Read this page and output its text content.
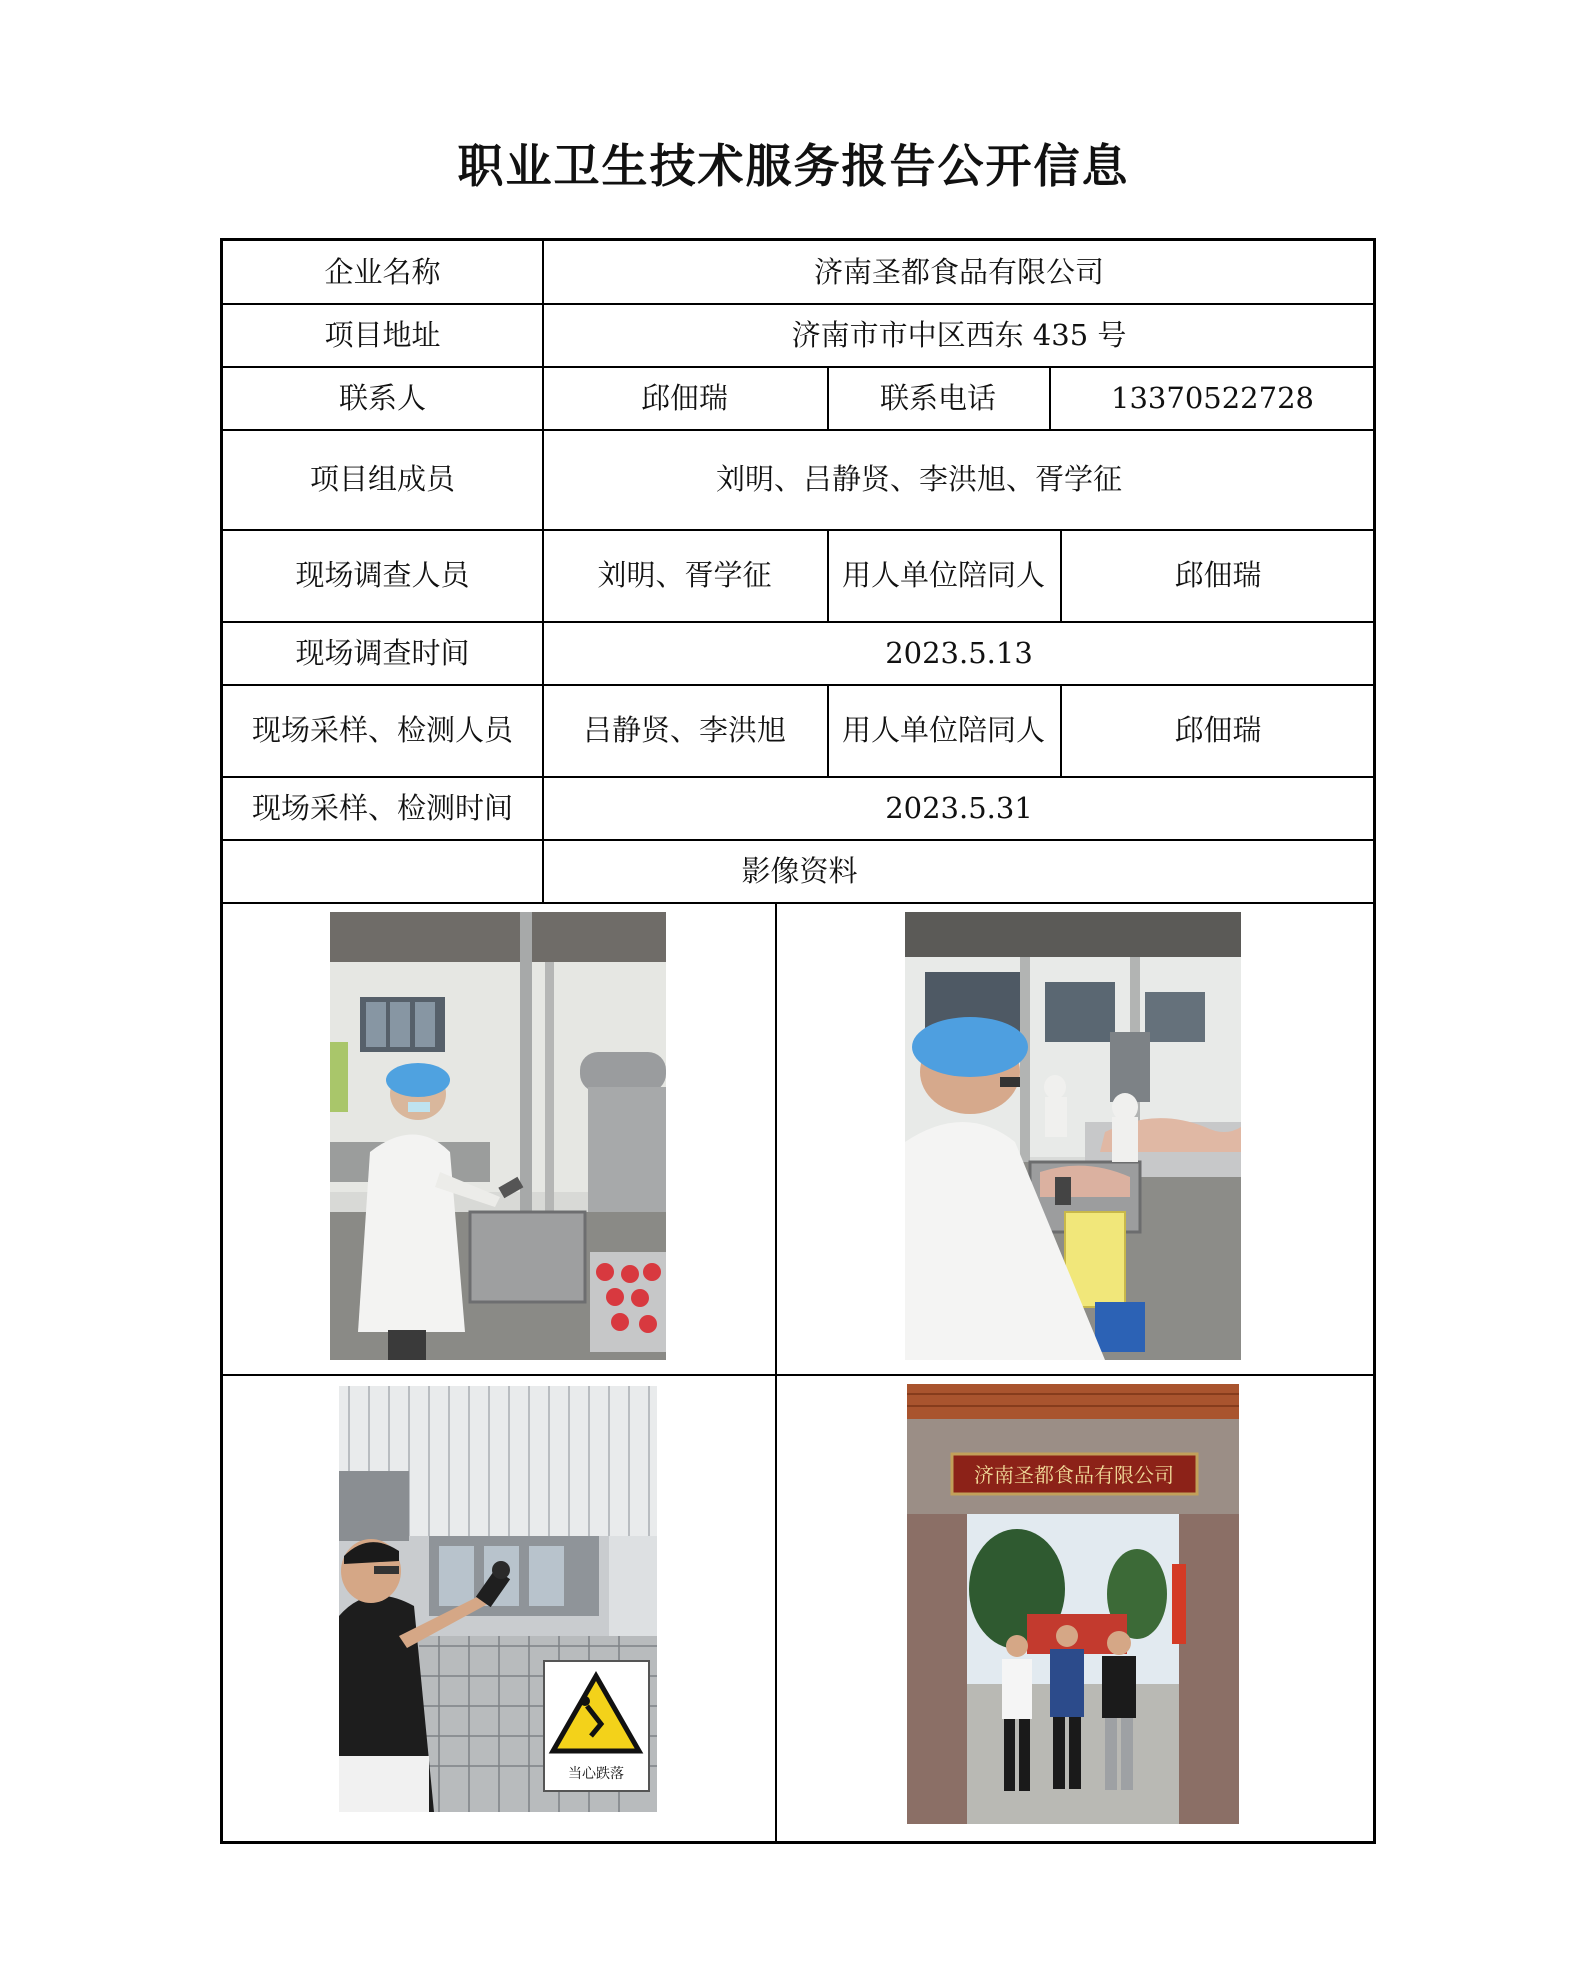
职业卫生技术服务报告公开信息
企业名称	济南圣都食品有限公司
项目地址	济南市市中区西东 435 号
联系人	邱佃瑞	联系电话	13370522728
项目组成员	刘明、吕静贤、李洪旭、胥学征
现场调查人员	刘明、胥学征	用人单位陪同人	邱佃瑞
现场调查时间	2023.5.13
现场采样、检测人员	吕静贤、李洪旭	用人单位陪同人	邱佃瑞
现场采样、检测时间	2023.5.31
影像资料
当心跌落
济南圣都食品有限公司
